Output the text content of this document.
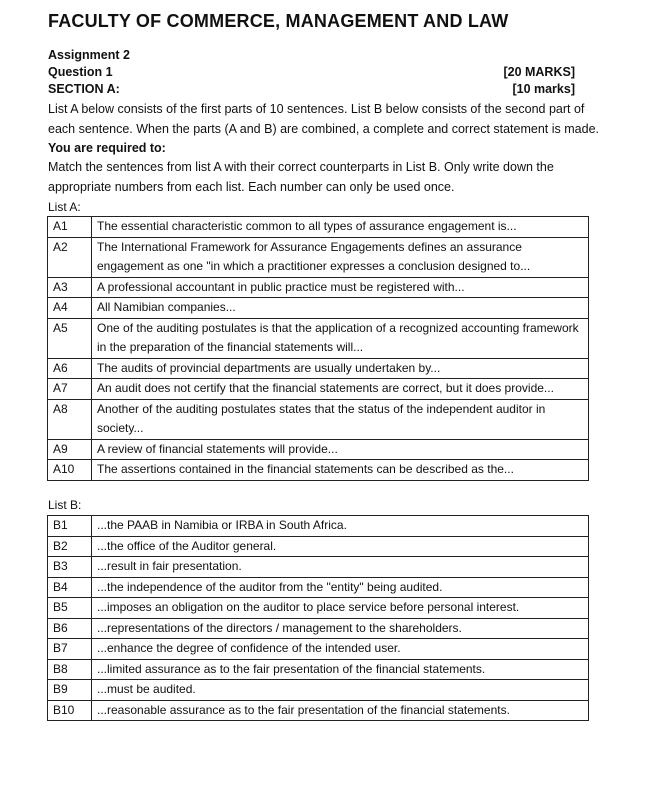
FACULTY OF COMMERCE, MANAGEMENT AND LAW
Assignment 2
Question 1	[20 MARKS]
SECTION A:	[10 marks]
List A below consists of the first parts of 10 sentences. List B below consists of the second part of each sentence. When the parts (A and B) are combined, a complete and correct statement is made.
You are required to:
Match the sentences from list A with their correct counterparts in List B. Only write down the appropriate numbers from each list. Each number can only be used once.
List A:
A1	The essential characteristic common to all types of assurance engagement is...
A2	The International Framework for Assurance Engagements defines an assurance engagement as one "in which a practitioner expresses a conclusion designed to...
A3	A professional accountant in public practice must be registered with...
A4	All Namibian companies...
A5	One of the auditing postulates is that the application of a recognized accounting framework in the preparation of the financial statements will...
A6	The audits of provincial departments are usually undertaken by...
A7	An audit does not certify that the financial statements are correct, but it does provide...
A8	Another of the auditing postulates states that the status of the independent auditor in society...
A9	A review of financial statements will provide...
A10	The assertions contained in the financial statements can be described as the...
List B:
B1	...the PAAB in Namibia or IRBA in South Africa.
B2	...the office of the Auditor general.
B3	...result in fair presentation.
B4	...the independence of the auditor from the "entity" being audited.
B5	...imposes an obligation on the auditor to place service before personal interest.
B6	...representations of the directors / management to the shareholders.
B7	...enhance the degree of confidence of the intended user.
B8	...limited assurance as to the fair presentation of the financial statements.
B9	...must be audited.
B10	...reasonable assurance as to the fair presentation of the financial statements.
